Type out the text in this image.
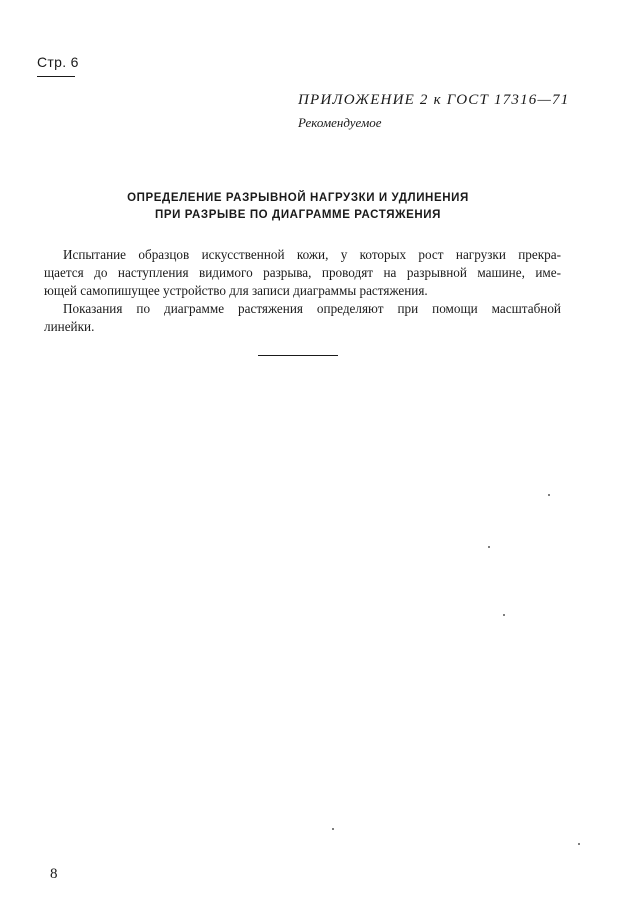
Стр. 6
ПРИЛОЖЕНИЕ 2 к ГОСТ 17316—71
Рекомендуемое
ОПРЕДЕЛЕНИЕ РАЗРЫВНОЙ НАГРУЗКИ И УДЛИНЕНИЯ
ПРИ РАЗРЫВЕ ПО ДИАГРАММЕ РАСТЯЖЕНИЯ
Испытание образцов искусственной кожи, у которых рост нагрузки прекра-
щается до наступления видимого разрыва, проводят на разрывной машине, име-
ющей самопишущее устройство для записи диаграммы растяжения.
Показания по диаграмме растяжения определяют при помощи масштабной
линейки.
8
